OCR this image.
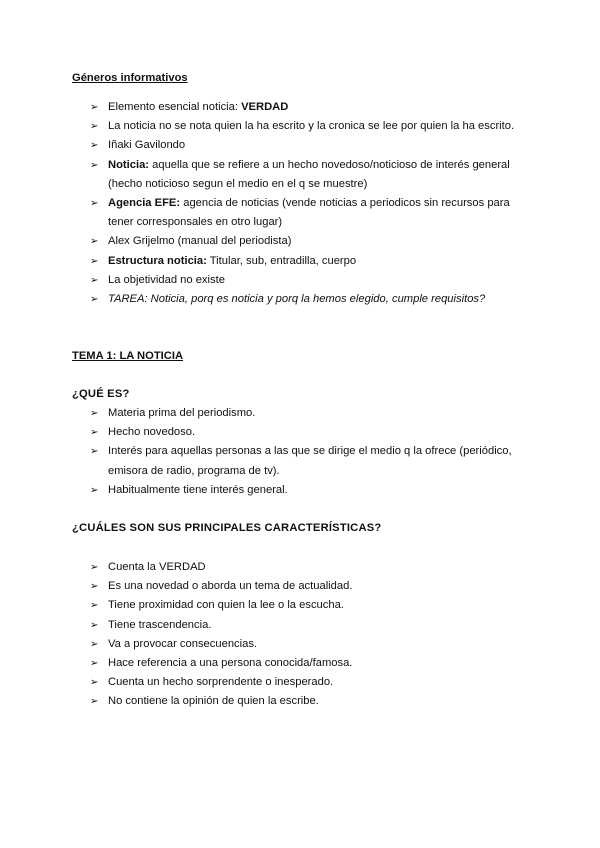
Géneros informativos
➢ Elemento esencial noticia: VERDAD
➢ La noticia no se nota quien la ha escrito y la cronica se lee por quien la ha escrito.
➢ Iñaki Gavilondo
➢ Noticia: aquella que se refiere a un hecho novedoso/noticioso de interés general (hecho noticioso segun el medio en el q se muestre)
➢ Agencia EFE: agencia de noticias (vende noticias a periodicos sin recursos para tener corresponsales en otro lugar)
➢ Alex Grijelmo (manual del periodista)
➢ Estructura noticia: Titular, sub, entradilla, cuerpo
➢ La objetividad no existe
➢ TAREA: Noticia, porq es noticia y porq la hemos elegido, cumple requisitos?
TEMA 1: LA NOTICIA
¿QUÉ ES?
➢ Materia prima del periodismo.
➢ Hecho novedoso.
➢ Interés para aquellas personas a las que se dirige el medio q la ofrece (periódico, emisora de radio, programa de tv).
➢ Habitualmente tiene interés general.
¿CUÁLES SON SUS PRINCIPALES CARACTERÍSTICAS?
➢ Cuenta la VERDAD
➢ Es una novedad o aborda un tema de actualidad.
➢ Tiene proximidad con quien la lee o la escucha.
➢ Tiene trascendencia.
➢ Va a provocar consecuencias.
➢ Hace referencia a una persona conocida/famosa.
➢ Cuenta un hecho sorprendente o inesperado.
➢ No contiene la opinión de quien la escribe.
